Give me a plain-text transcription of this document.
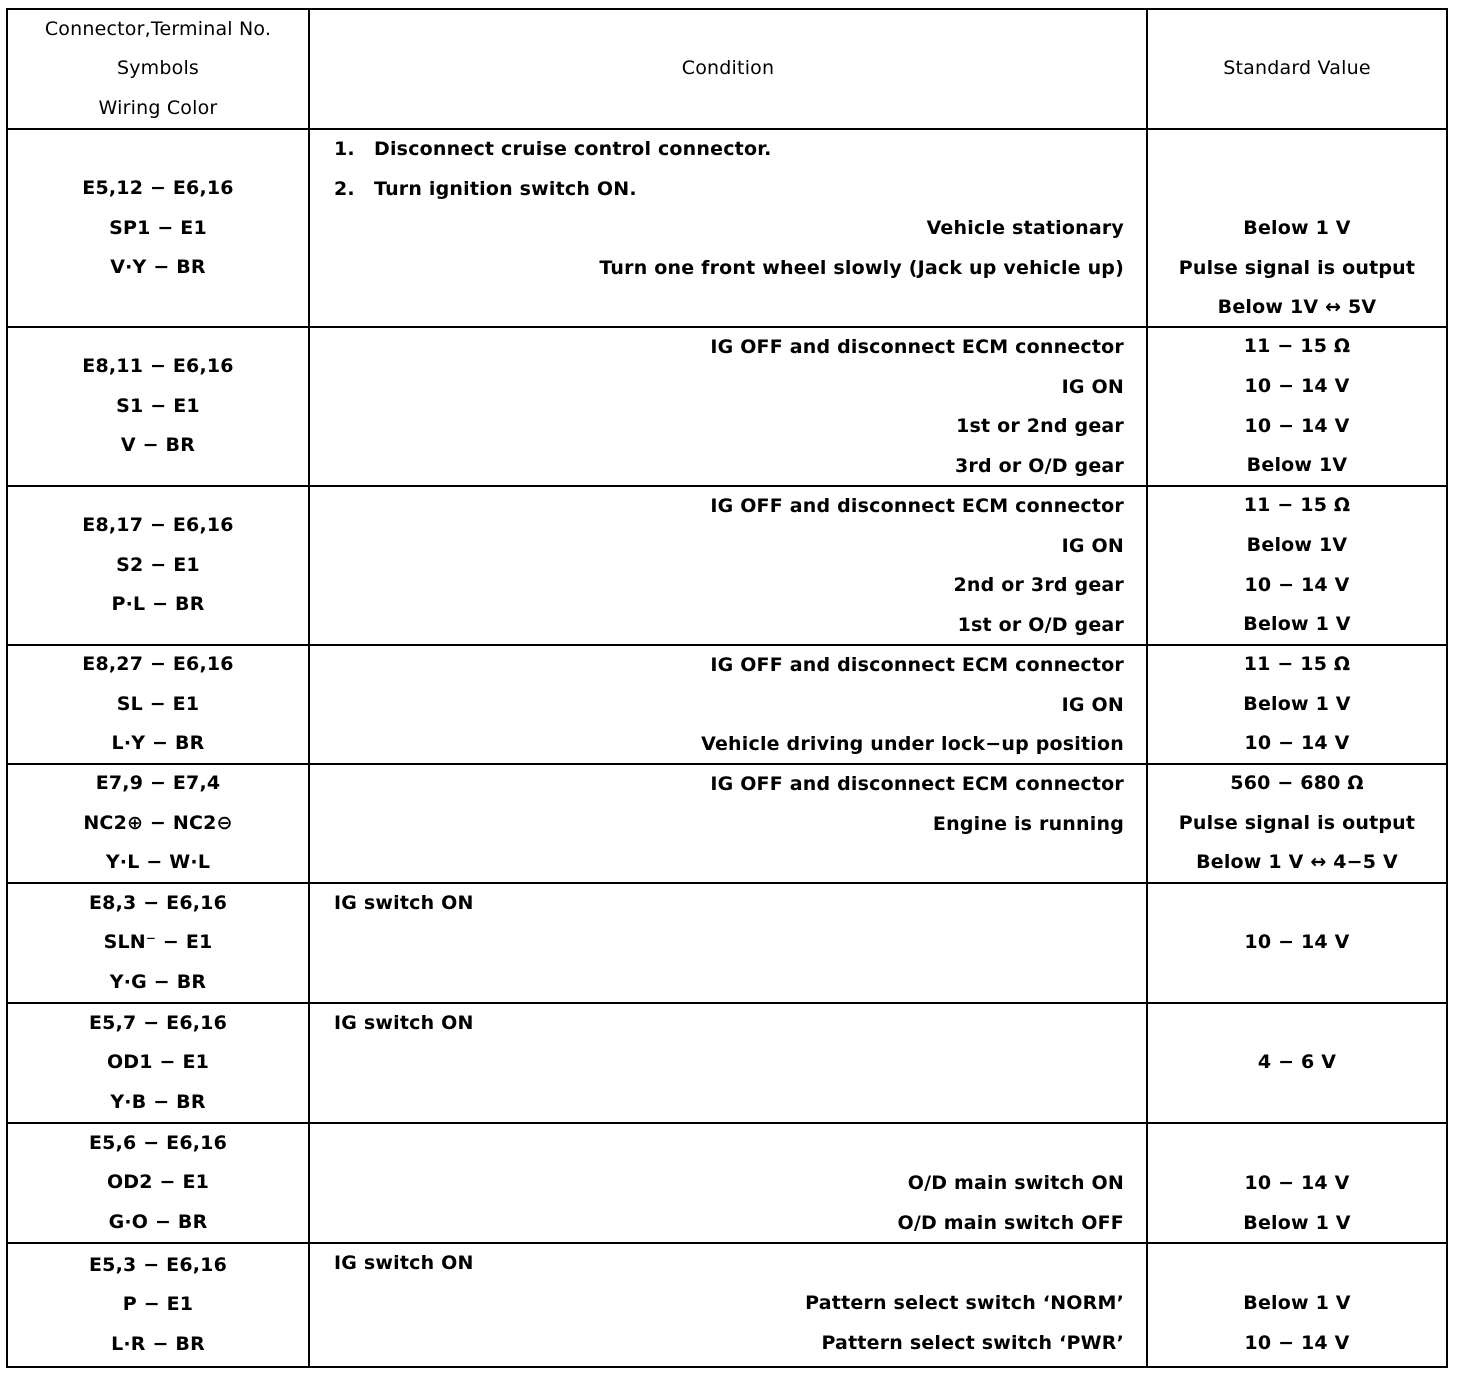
Connector,Terminal No.
Symbols
Wiring Color
Condition	Standard Value
E5,12 − E6,16
SP1 − E1
V·Y − BR
1. Disconnect cruise control connector.
2. Turn ignition switch ON.
Vehicle stationary
Turn one front wheel slowly (Jack up vehicle up)
Below 1 V
Pulse signal is output
Below 1V ↔ 5V
E8,11 − E6,16
S1 − E1
V − BR
IG OFF and disconnect ECM connector
IG ON
1st or 2nd gear
3rd or O/D gear
11 − 15 Ω
10 − 14 V
10 − 14 V
Below 1V
E8,17 − E6,16
S2 − E1
P·L − BR
IG OFF and disconnect ECM connector
IG ON
2nd or 3rd gear
1st or O/D gear
11 − 15 Ω
Below 1V
10 − 14 V
Below 1 V
E8,27 − E6,16
SL − E1
L·Y − BR
IG OFF and disconnect ECM connector
IG ON
Vehicle driving under lock−up position
11 − 15 Ω
Below 1 V
10 − 14 V
E7,9 − E7,4
NC2⊕ − NC2⊖
Y·L − W·L
IG OFF and disconnect ECM connector
Engine is running
560 − 680 Ω
Pulse signal is output
Below 1 V ↔ 4−5 V
E8,3 − E6,16
SLN⁻ − E1
Y·G − BR
IG switch ON
10 − 14 V
E5,7 − E6,16
OD1 − E1
Y·B − BR
IG switch ON
4 − 6 V
E5,6 − E6,16
OD2 − E1
G·O − BR
O/D main switch ON
O/D main switch OFF
10 − 14 V
Below 1 V
E5,3 − E6,16
P − E1
L·R − BR
IG switch ON
Pattern select switch ‘NORM’
Pattern select switch ‘PWR’
Below 1 V
10 − 14 V
